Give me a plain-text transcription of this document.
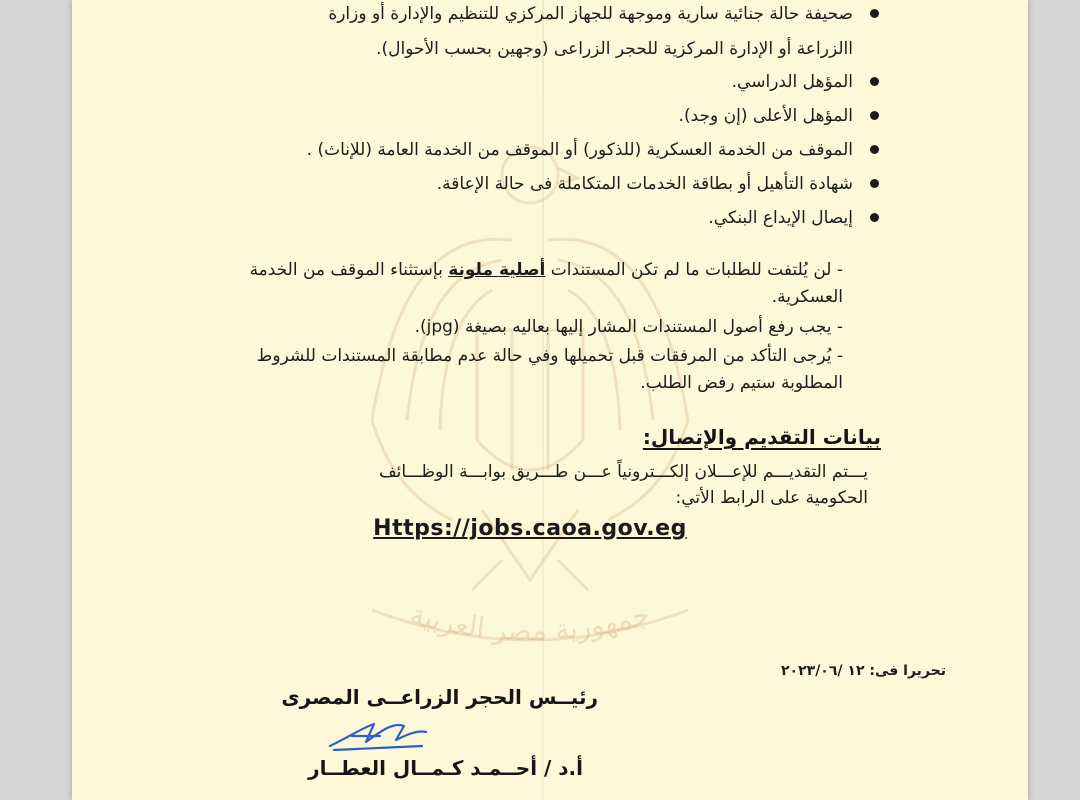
جمهورية مصر العربية
صحيفة حالة جنائية سارية وموجهة للجهاز المركزي للتنظيم والإدارة أو وزارة
االزراعة أو الإدارة المركزية للحجر الزراعى (وجهين بحسب الأحوال).
المؤهل الدراسي.
المؤهل الأعلى (إن وجد).
الموقف من الخدمة العسكرية (للذكور) أو الموقف من الخدمة العامة (للإناث) .
شهادة التأهيل أو بطاقة الخدمات المتكاملة فى حالة الإعاقة.
إيصال الإيداع البنكي.
- لن يُلتفت للطلبات ما لم تكن المستندات أصلية ملونة بإستثناء الموقف من الخدمة
العسكرية.
- يجب رفع أصول المستندات المشار إليها بعاليه بصيغة (jpg).
- يُرجى التأكد من المرفقات قبل تحميلها وفي حالة عدم مطابقة المستندات للشروط
المطلوبة ستيم رفض الطلب.
بيانات التقديم والإتصال:
يـــتم التقديـــم للإعـــلان إلكـــترونياً عـــن طـــريق بوابـــة الوظـــائف
الحكومية على الرابط الأتي:
Https://jobs.caoa.gov.eg
تحريرا فى: ١٢ /٢٠٢٣/٠٦
رئيــس الحجر الزراعــى المصرى
أ.د / أحــمـد كـمــال العطــار
